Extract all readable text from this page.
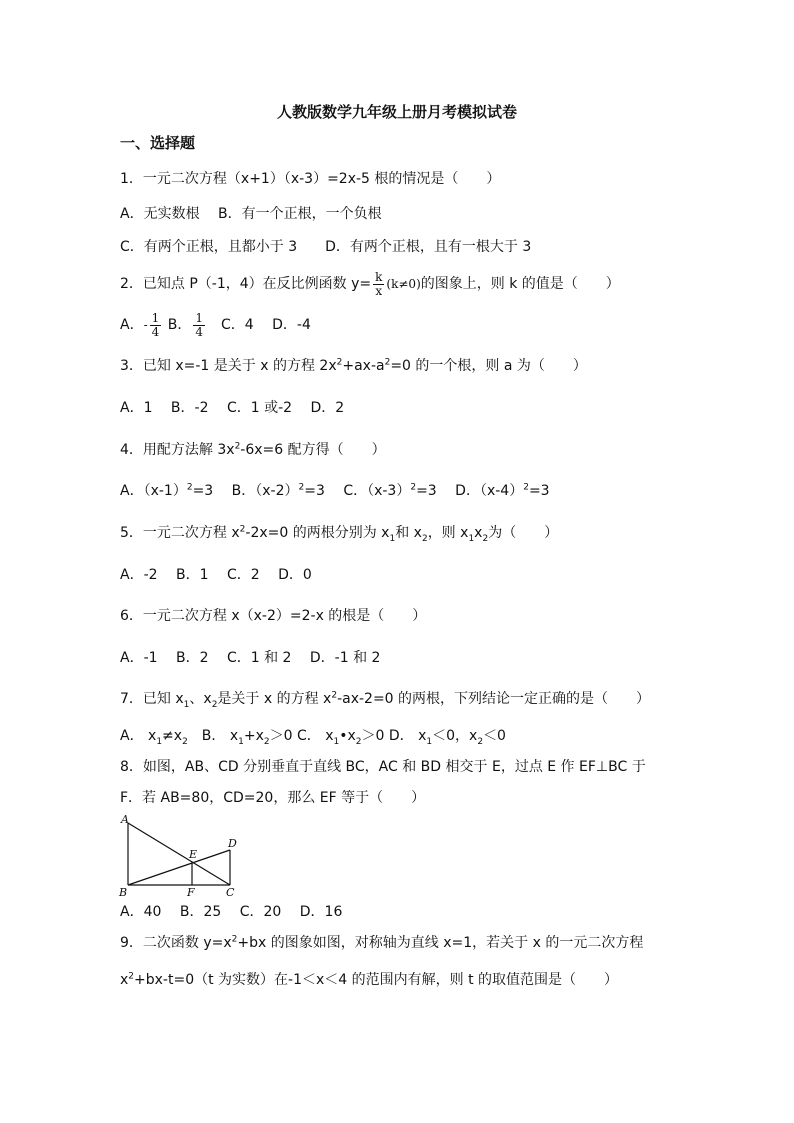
人教版数学九年级上册月考模拟试卷
一、选择题
1．一元二次方程（x+1）（x-3）=2x-5 根的情况是（　　）
A．无实数根　 B．有一个正根，一个负根
C．有两个正根，且都小于 3　　D．有两个正根，且有一根大于 3
2．已知点 P（-1，4）在反比例函数 $y= \frac{k}{x} (k\ne 0)$的图象上，则 k 的值是（　　）
A．- $\frac{1}{4}$ B． $\frac{1}{4}$ 　C．4　 D．-4
3．已知 x=-1 是关于 x 的方程 $2x^2+ax-a^2=0$ 的一个根，则 a 为（　　）
A．1　 B．-2　 C．1 或-2　 D．2
4．用配方法解 $3x^2-6x=6$ 配方得（　　）
A．$(x-1)^2=3$　 B．$(x-2)^2=3$　 C．$(x-3)^2=3$　 D．$(x-4)^2=3$
5．一元二次方程 $x^2-2x=0$ 的两根分别为 $x_1$和 $x_2$，则 $x_1x_2$为（　　）
A．-2　 B．1　 C．2　 D．0
6．一元二次方程 x（x-2）=2-x 的根是（　　）
A．-1　 B．2　 C．1 和 2　 D．-1 和 2
7．已知 $x_1$、$x_2$是关于 x 的方程 $x^2-ax-2=0$ 的两根，下列结论一定正确的是（　　）
A． $x_1\ne x_2$　B． $x_1+x_2>0$ C． $x_1•x_2>0$ D． $x_1<0$，$x_2<0$
8．如图，AB、CD 分别垂直于直线 BC，AC 和 BD 相交于 E，过点 E 作 EF⊥BC 于
F．若 AB=80，CD=20，那么 EF 等于（　　）
A
B	C
D
E
F
A．40　 B．25　 C．20　 D．16
9．二次函数 $y=x^2+bx$ 的图象如图，对称轴为直线 x=1，若关于 x 的一元二次方程
$x^2+bx-t=0(t$ 为实数）在-1＜x＜4 的范围内有解，则 t 的取值范围是（　　）
